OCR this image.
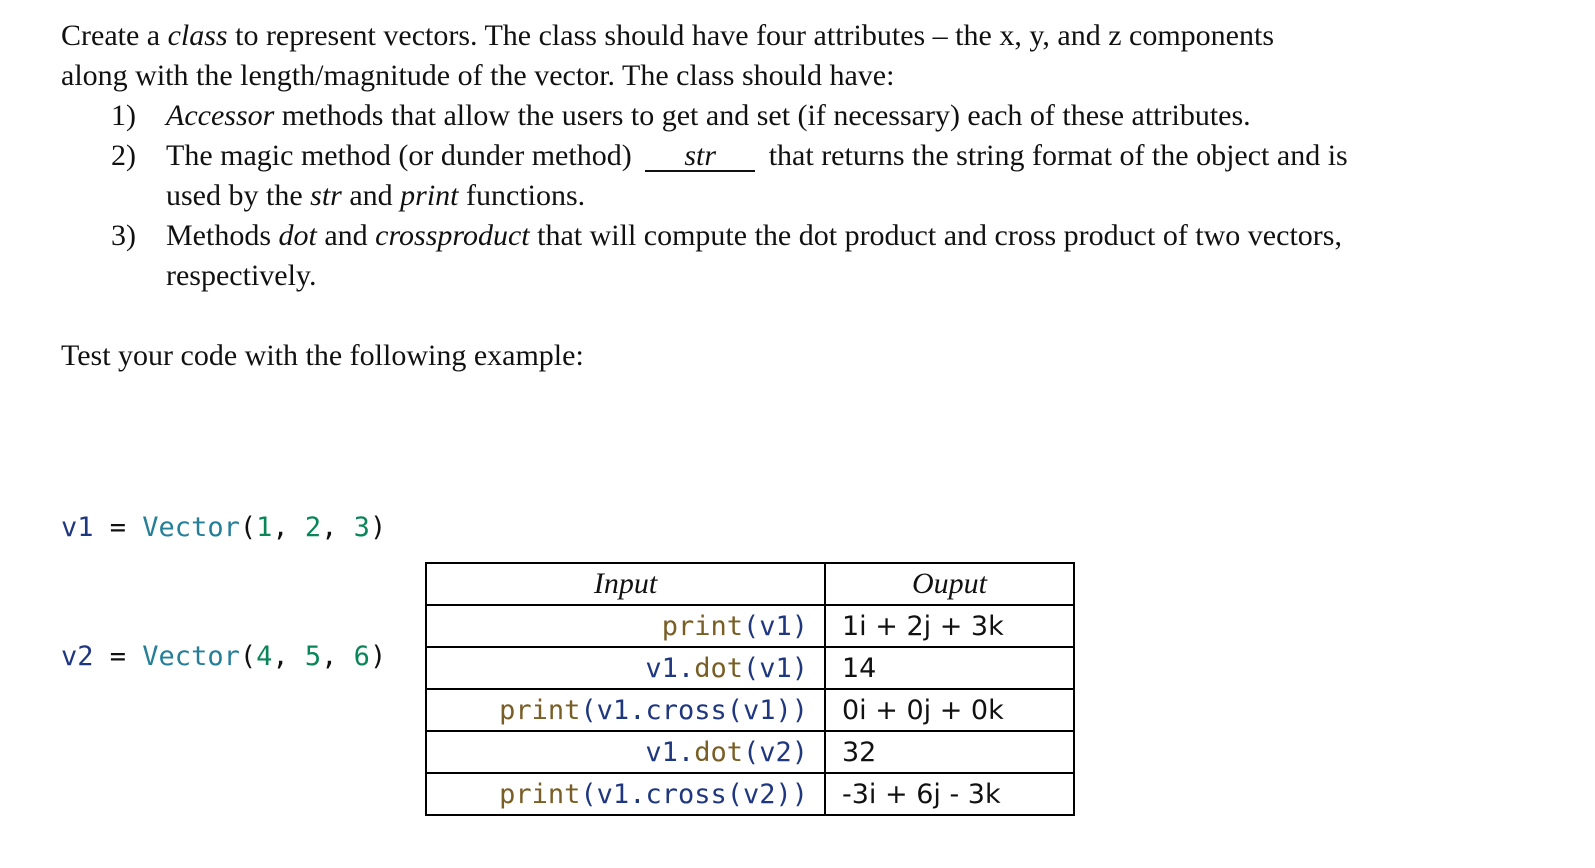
Create a class to represent vectors. The class should have four attributes – the x, y, and z components
along with the length/magnitude of the vector. The class should have:
1)	Accessor methods that allow the users to get and set (if necessary) each of these attributes.
2)	The magic method (or dunder method) str that returns the string format of the object and is
used by the str and print functions.
3)	Methods dot and crossproduct that will compute the dot product and cross product of two vectors,
respectively.
Test your code with the following example:

v1 = Vector(1, 2, 3)

v2 = Vector(4, 5, 6)

Input	Ouput
print(v1)	1i + 2j + 3k
v1.dot(v1)	14
print(v1.cross(v1))	0i + 0j + 0k
v1.dot(v2)	32
print(v1.cross(v2))	-3i + 6j - 3k
